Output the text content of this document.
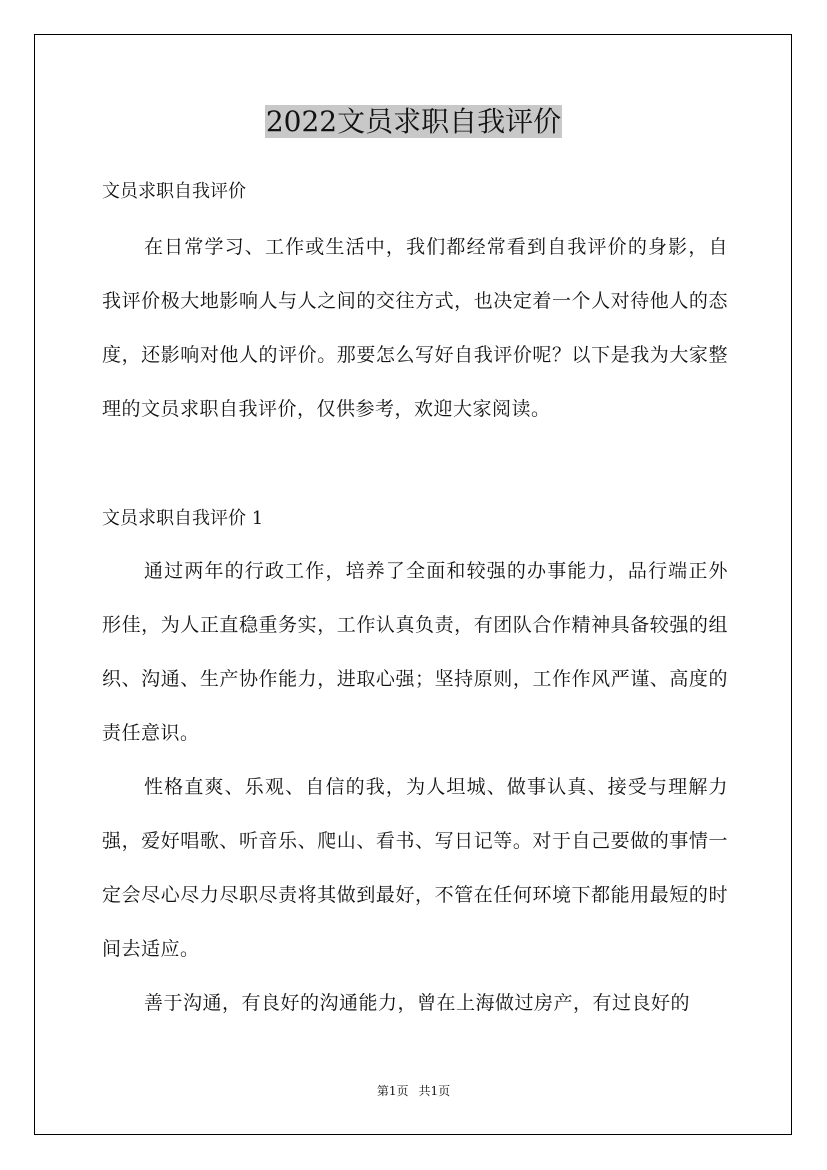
2022文员求职自我评价
文员求职自我评价
在日常学习、工作或生活中，我们都经常看到自我评价的身影，自我评价极大地影响人与人之间的交往方式，也决定着一个人对待他人的态度，还影响对他人的评价。那要怎么写好自我评价呢？以下是我为大家整理的文员求职自我评价，仅供参考，欢迎大家阅读。
文员求职自我评价 1
通过两年的行政工作，培养了全面和较强的办事能力，品行端正外形佳，为人正直稳重务实，工作认真负责，有团队合作精神具备较强的组织、沟通、生产协作能力，进取心强；坚持原则，工作作风严谨、高度的责任意识。
性格直爽、乐观、自信的我，为人坦城、做事认真、接受与理解力强，爱好唱歌、听音乐、爬山、看书、写日记等。对于自己要做的事情一定会尽心尽力尽职尽责将其做到最好，不管在任何环境下都能用最短的时间去适应。
善于沟通，有良好的沟通能力，曾在上海做过房产，有过良好的
第1页 共1页
